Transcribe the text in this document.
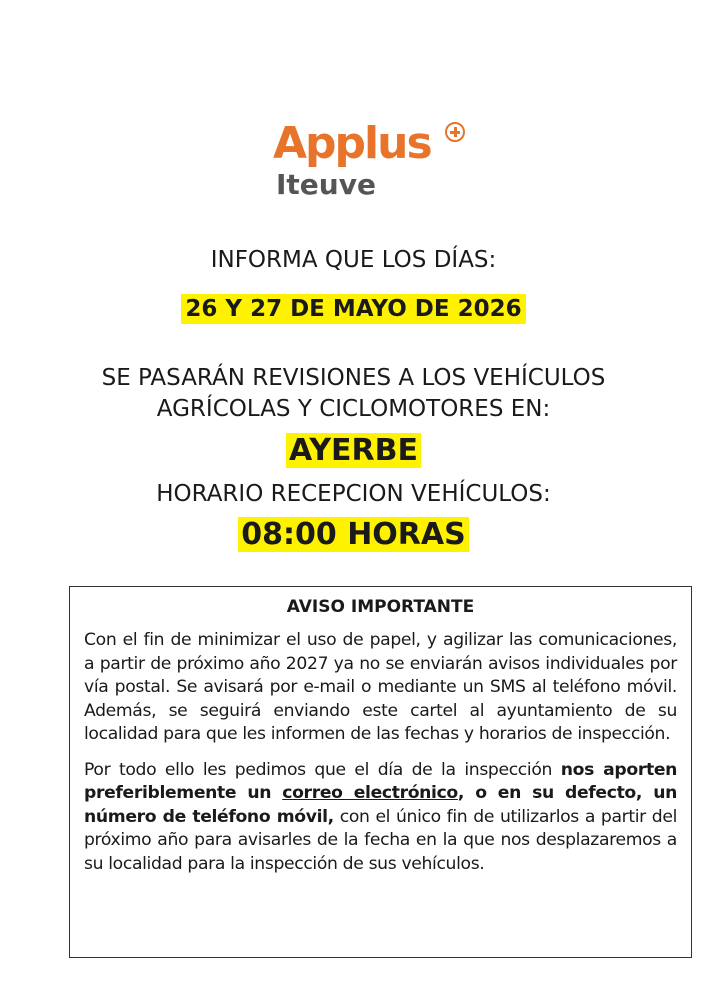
Applus
Iteuve
INFORMA QUE LOS DÍAS:
26 Y 27 DE MAYO DE 2026
SE PASARÁN REVISIONES A LOS VEHÍCULOS
AGRÍCOLAS Y CICLOMOTORES EN:
AYERBE
HORARIO RECEPCION VEHÍCULOS:
08:00 HORAS
AVISO IMPORTANTE

Con el fin de minimizar el uso de papel, y agilizar las comunicaciones, a partir de próximo año 2027 ya no se enviarán avisos individuales por vía postal. Se avisará por e-mail o mediante un SMS al teléfono móvil. Además, se seguirá enviando este cartel al ayuntamiento de su localidad para que les informen de las fechas y horarios de inspección.

Por todo ello les pedimos que el día de la inspección nos aporten preferiblemente un correo electrónico, o en su defecto, un número de teléfono móvil, con el único fin de utilizarlos a partir del próximo año para avisarles de la fecha en la que nos desplazaremos a su localidad para la inspección de sus vehículos.
